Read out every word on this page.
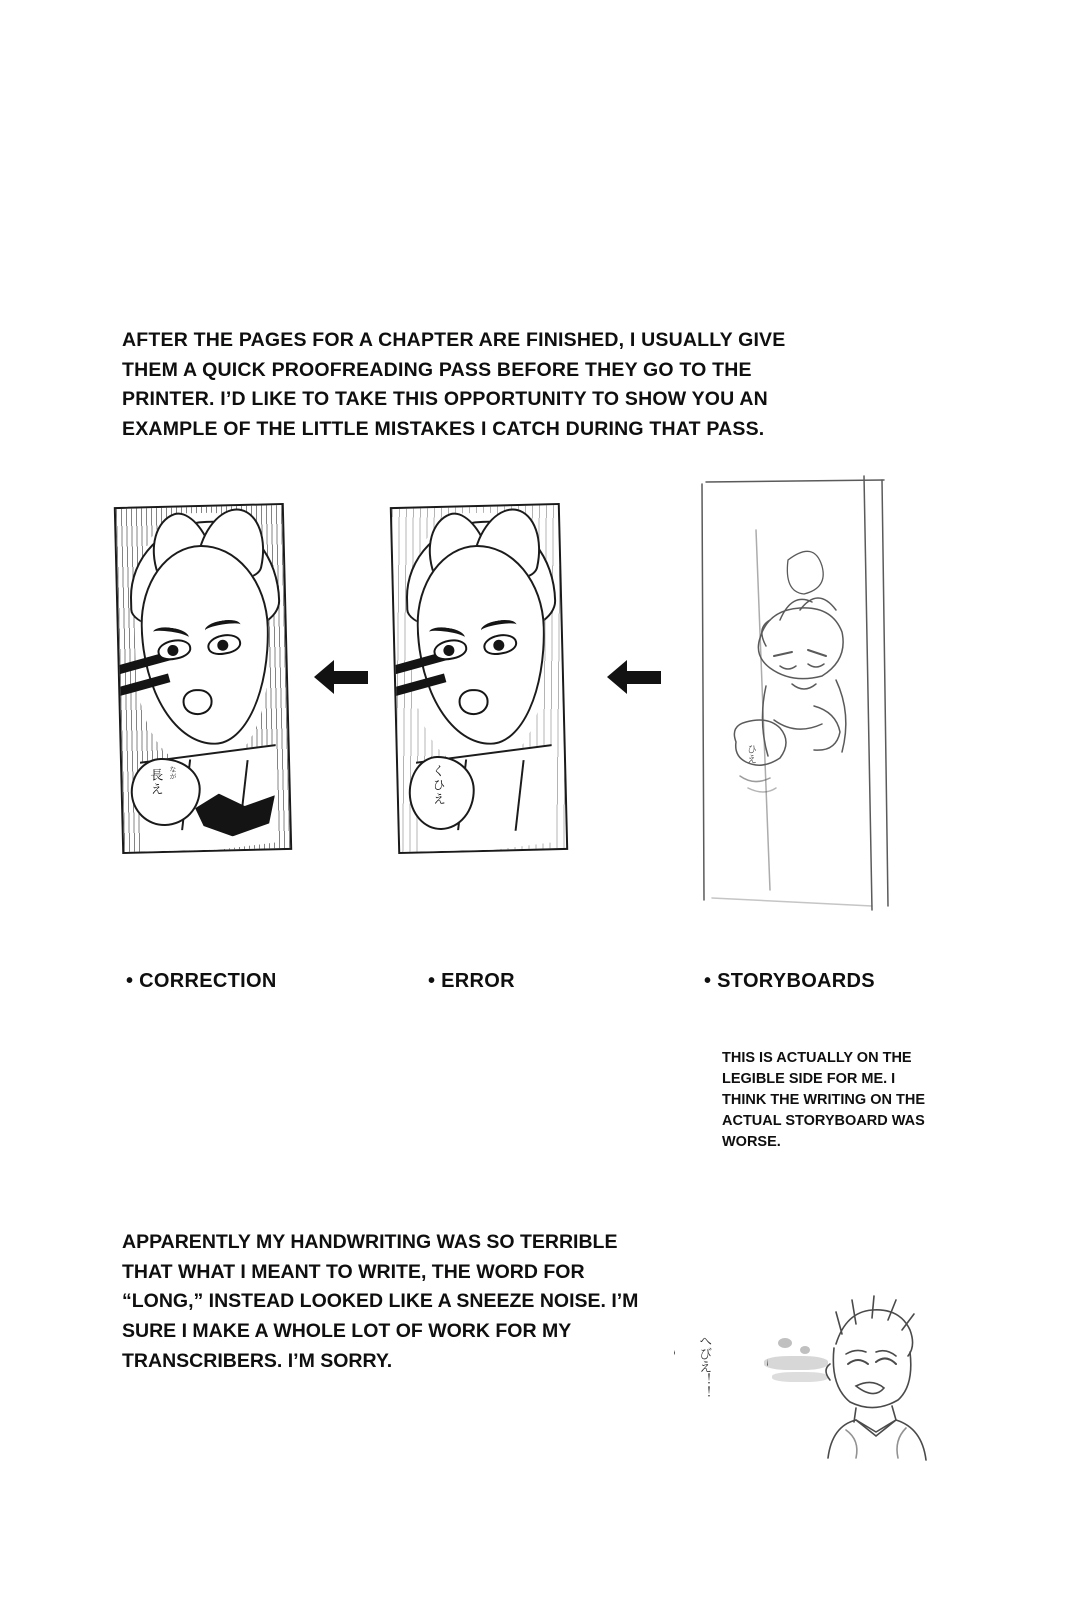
AFTER THE PAGES FOR A CHAPTER ARE FINISHED, I USUALLY GIVE THEM A QUICK PROOFREADING PASS BEFORE THEY GO TO THE PRINTER. I’D LIKE TO TAKE THIS OPPORTUNITY TO SHOW YOU AN EXAMPLE OF THE LITTLE MISTAKES I CATCH DURING THAT PASS.
なが
長え	くひえ
ひえ
• CORRECTION	• ERROR	• STORYBOARDS
THIS IS ACTUALLY ON THE LEGIBLE SIDE FOR ME. I THINK THE WRITING ON THE ACTUAL STORYBOARD WAS WORSE.
APPARENTLY MY HANDWRITING WAS SO TERRIBLE THAT WHAT I MEANT TO WRITE, THE WORD FOR “LONG,” INSTEAD LOOKED LIKE A SNEEZE NOISE. I’M SURE I MAKE A WHOLE LOT OF WORK FOR MY TRANSCRIBERS. I’M SORRY.	へびえ！！
